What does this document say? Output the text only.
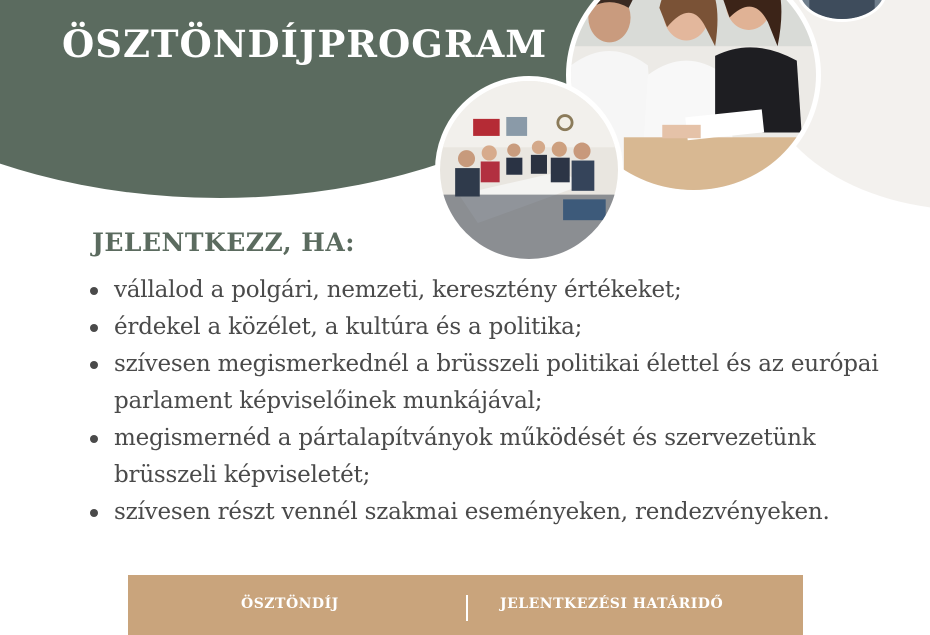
ÖSZTÖNDÍJPROGRAM
JELENTKEZZ, HA:
vállalod a polgári, nemzeti, keresztény értékeket;
érdekel a közélet, a kultúra és a politika;
szívesen megismerkednél a brüsszeli politikai élettel és az európai parlament képviselőinek munkájával;
megismernéd a pártalapítványok működését és szervezetünk brüsszeli képviseletét;
szívesen részt vennél szakmai eseményeken, rendezvényeken.
ÖSZTÖNDÍJ	JELENTKEZÉSI HATÁRIDŐ
